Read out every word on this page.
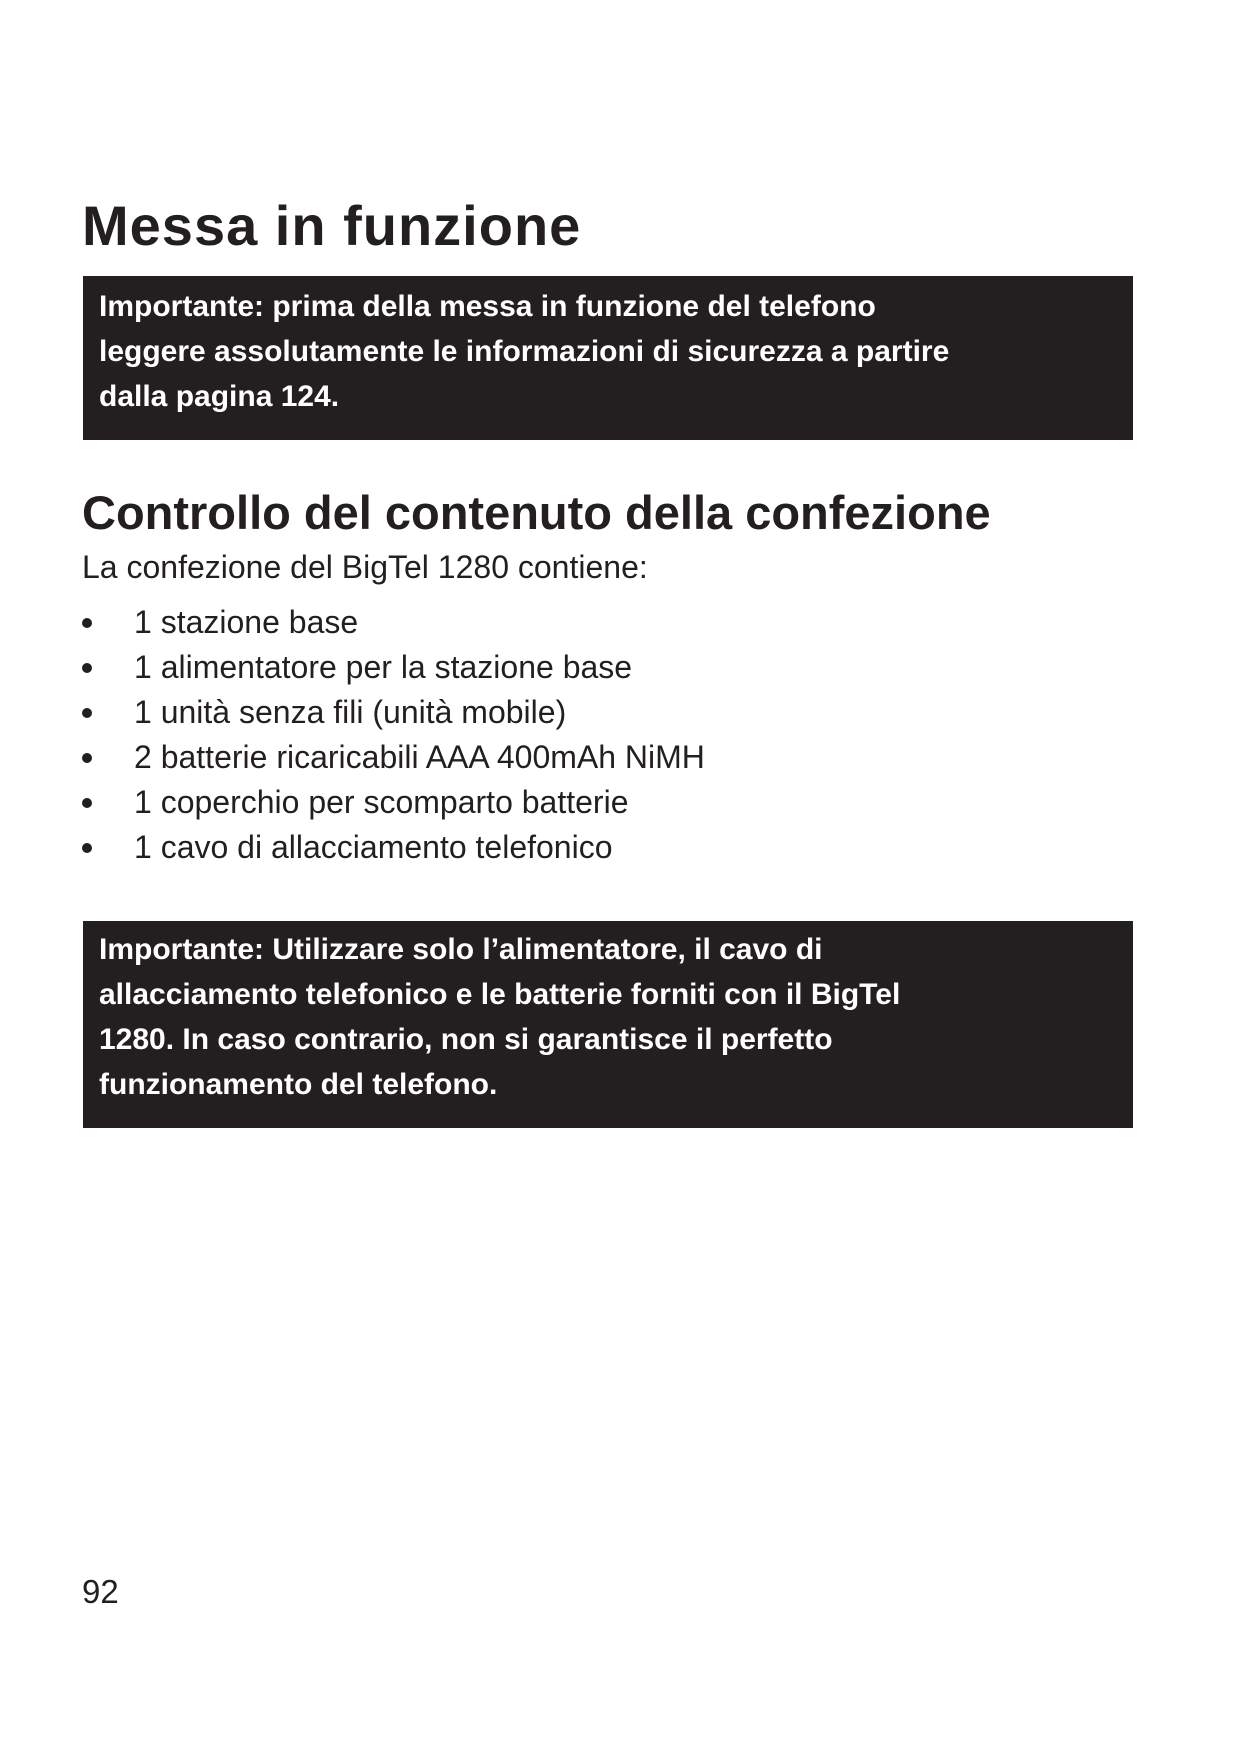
Messa in funzione
Importante: prima della messa in funzione del telefono
leggere assolutamente le informazioni di sicurezza a partire
dalla pagina 124.
Controllo del contenuto della confezione

La confezione del BigTel 1280 contiene:

1 stazione base
1 alimentatore per la stazione base
1 unità senza fili (unità mobile)
2 batterie ricaricabili AAA 400mAh NiMH
1 coperchio per scomparto batterie
1 cavo di allacciamento telefonico
Importante: Utilizzare solo l’alimentatore, il cavo di
allacciamento telefonico e le batterie forniti con il BigTel
1280. In caso contrario, non si garantisce il perfetto
funzionamento del telefono.

92
